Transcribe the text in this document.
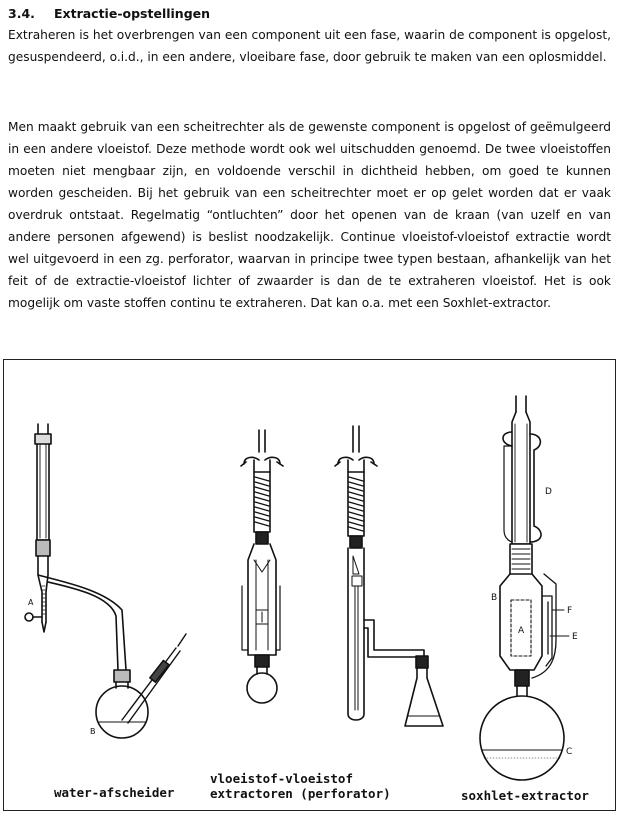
3.4. Extractie-opstellingen

Extraheren is het overbrengen van een component uit een fase, waarin de component is opgelost, gesuspendeerd, o.i.d., in een andere, vloeibare fase, door gebruik te maken van een oplosmiddel.

Men maakt gebruik van een scheitrechter als de gewenste component is opgelost of geëmulgeerd in een andere vloeistof. Deze methode wordt ook wel uitschudden genoemd. De twee vloeistoffen moeten niet mengbaar zijn, en voldoende verschil in dichtheid hebben, om goed te kunnen worden gescheiden. Bij het gebruik van een scheitrechter moet er op gelet worden dat er vaak overdruk ontstaat. Regelmatig “ontluchten” door het openen van de kraan (van uzelf en van andere personen afgewend) is beslist noodzakelijk. Continue vloeistof-vloeistof extractie wordt wel uitgevoerd in een zg. perforator, waarvan in principe twee typen bestaan, afhankelijk van het feit of de extractie-vloeistof lichter of zwaarder is dan de te extraheren vloeistof. Het is ook mogelijk om vaste stoffen continu te extraheren. Dat kan o.a. met een Soxhlet-extractor.

A
B
D
B
F
A
E
C
water-afscheider
vloeistof-vloeistof
extractoren (perforator)	soxhlet-extractor
